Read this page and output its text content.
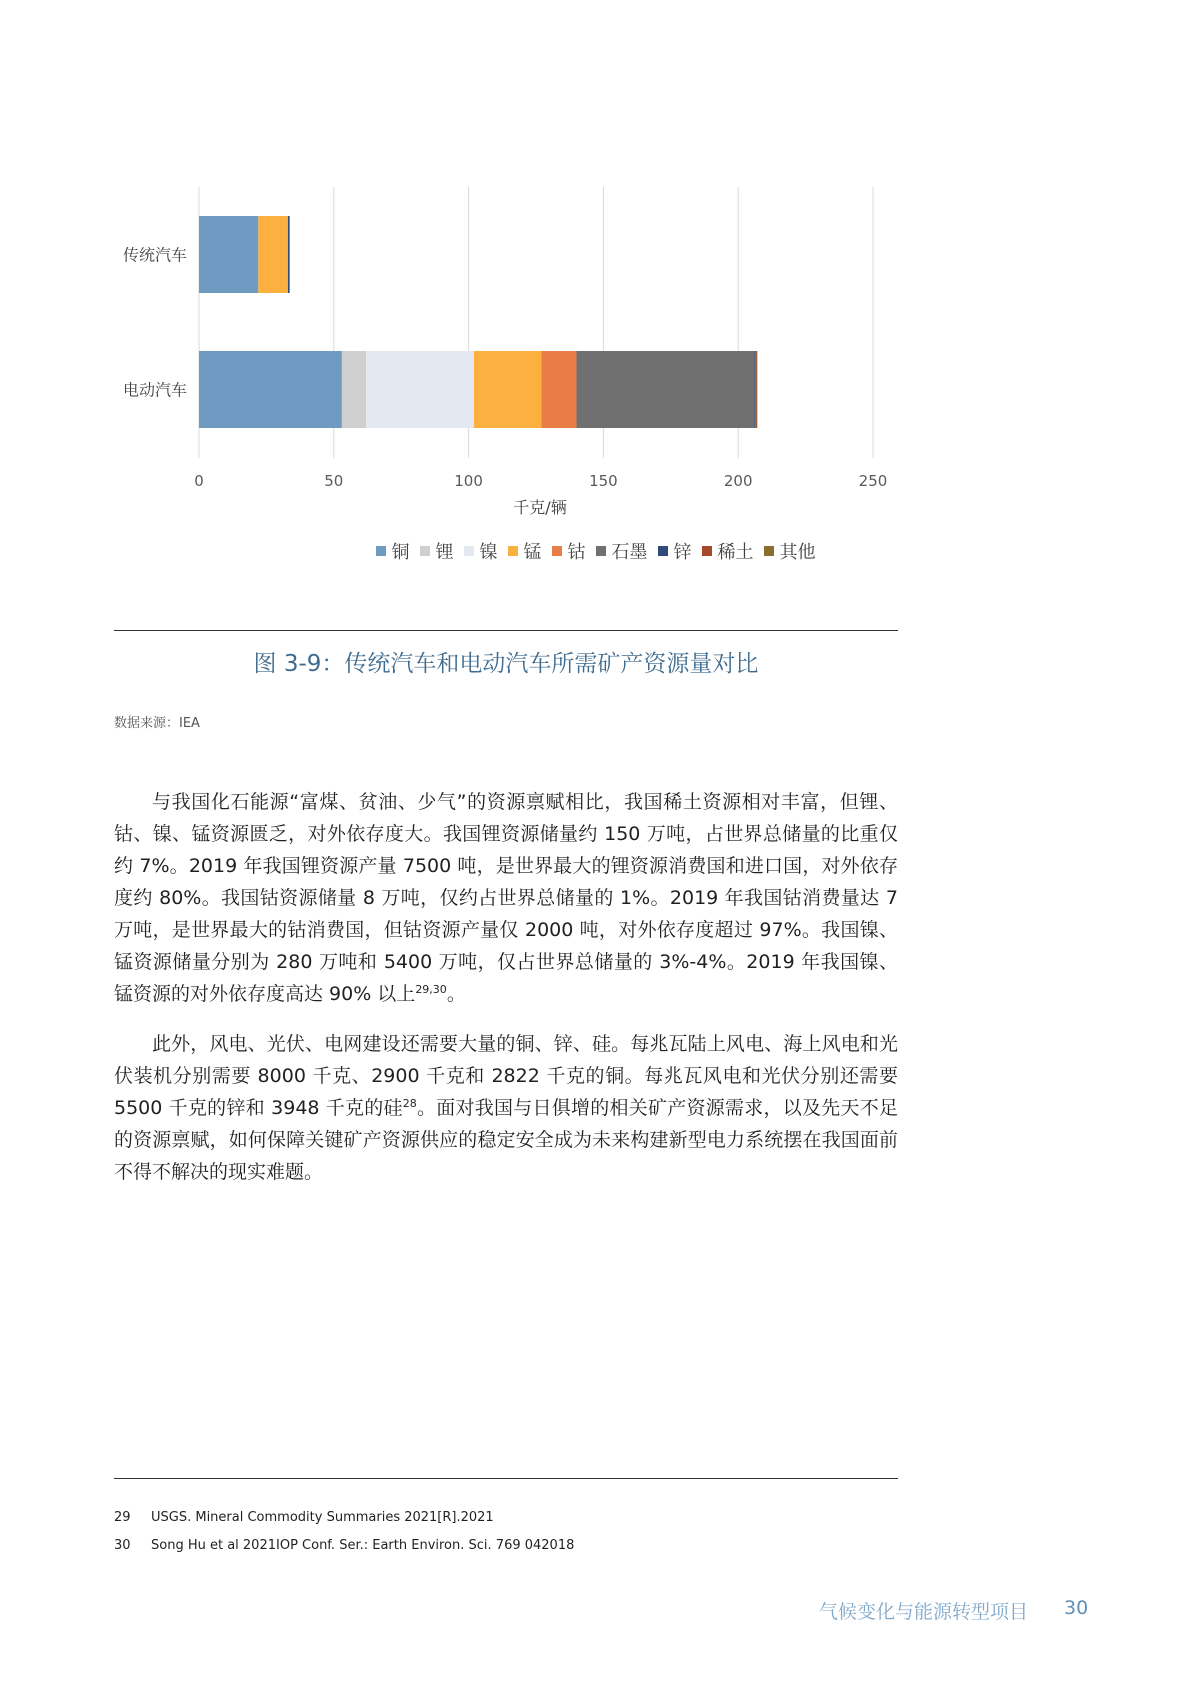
传统汽车
电动汽车
0	50	100	150	200	250
千克/辆
铜 锂 镍 锰 钴 石墨 锌 稀土 其他
图 3-9：传统汽车和电动汽车所需矿产资源量对比
数据来源：IEA

与我国化石能源“富煤、贫油、少气”的资源禀赋相比，我国稀土资源相对丰富，但锂、钴、镍、锰资源匮乏，对外依存度大。我国锂资源储量约 150 万吨，占世界总储量的比重仅约 7%。2019 年我国锂资源产量 7500 吨，是世界最大的锂资源消费国和进口国，对外依存度约 80%。我国钴资源储量 8 万吨，仅约占世界总储量的 1%。2019 年我国钴消费量达 7 万吨，是世界最大的钴消费国，但钴资源产量仅 2000 吨，对外依存度超过 97%。我国镍、锰资源储量分别为 280 万吨和 5400 万吨，仅占世界总储量的 3%-4%。2019 年我国镍、锰资源的对外依存度高达 90% 以上$^{29,30}$。

此外，风电、光伏、电网建设还需要大量的铜、锌、硅。每兆瓦陆上风电、海上风电和光伏装机分别需要 8000 千克、2900 千克和 2822 千克的铜。每兆瓦风电和光伏分别还需要 5500 千克的锌和 3948 千克的硅$^{28}$。面对我国与日俱增的相关矿产资源需求，以及先天不足的资源禀赋，如何保障关键矿产资源供应的稳定安全成为未来构建新型电力系统摆在我国面前不得不解决的现实难题。

29 USGS. Mineral Commodity Summaries 2021[R].2021
30 Song Hu et al 2021IOP Conf. Ser.: Earth Environ. Sci. 769 042018
气候变化与能源转型项目 30
